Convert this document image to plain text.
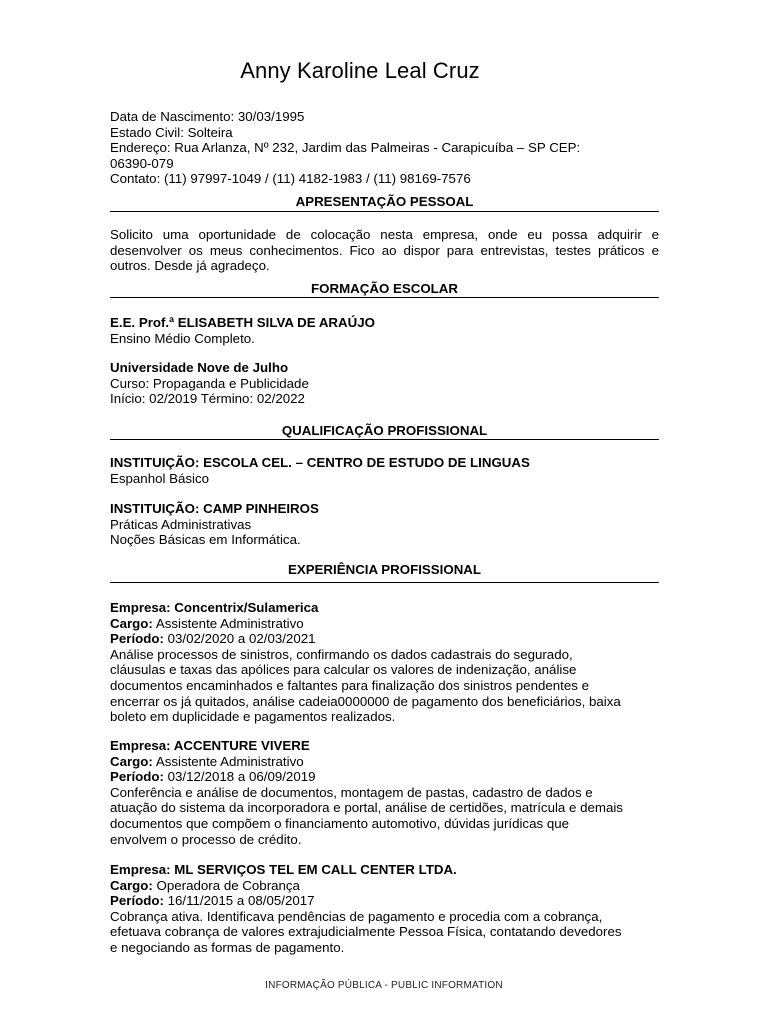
Anny Karoline Leal Cruz
Data de Nascimento: 30/03/1995
Estado Civil: Solteira
Endereço: Rua Arlanza, Nº 232, Jardim das Palmeiras - Carapicuíba – SP CEP:
06390-079
Contato: (11) 97997-1049 / (11) 4182-1983 / (11) 98169-7576
APRESENTAÇÃO PESSOAL
Solicito uma oportunidade de colocação nesta empresa, onde eu possa adquirir e
desenvolver os meus conhecimentos. Fico ao dispor para entrevistas, testes práticos e
outros. Desde já agradeço.
FORMAÇÃO ESCOLAR
E.E. Prof.ª ELISABETH SILVA DE ARAÚJO
Ensino Médio Completo.
Universidade Nove de Julho
Curso: Propaganda e Publicidade
Início: 02/2019 Término: 02/2022
QUALIFICAÇÃO PROFISSIONAL
INSTITUIÇÃO: ESCOLA CEL. – CENTRO DE ESTUDO DE LINGUAS
Espanhol Básico
INSTITUIÇÃO: CAMP PINHEIROS
Práticas Administrativas
Noções Básicas em Informática.
EXPERIÊNCIA PROFISSIONAL
Empresa: Concentrix/Sulamerica
Cargo: Assistente Administrativo
Período: 03/02/2020 a 02/03/2021
Análise processos de sinistros, confirmando os dados cadastrais do segurado,
cláusulas e taxas das apólices para calcular os valores de indenização, análise
documentos encaminhados e faltantes para finalização dos sinistros pendentes e
encerrar os já quitados, análise cadeia0000000 de pagamento dos beneficiários, baixa
boleto em duplicidade e pagamentos realizados.
Empresa: ACCENTURE VIVERE
Cargo: Assistente Administrativo
Período: 03/12/2018 a 06/09/2019
Conferência e análise de documentos, montagem de pastas, cadastro de dados e
atuação do sistema da incorporadora e portal, análise de certidões, matrícula e demais
documentos que compõem o financiamento automotivo, dúvidas jurídicas que
envolvem o processo de crédito.
Empresa: ML SERVIÇOS TEL EM CALL CENTER LTDA.
Cargo: Operadora de Cobrança
Período: 16/11/2015 a 08/05/2017
Cobrança ativa. Identificava pendências de pagamento e procedia com a cobrança,
efetuava cobrança de valores extrajudicialmente Pessoa Física, contatando devedores
e negociando as formas de pagamento.
INFORMAÇÃO PÚBLICA - PUBLIC INFORMATION
